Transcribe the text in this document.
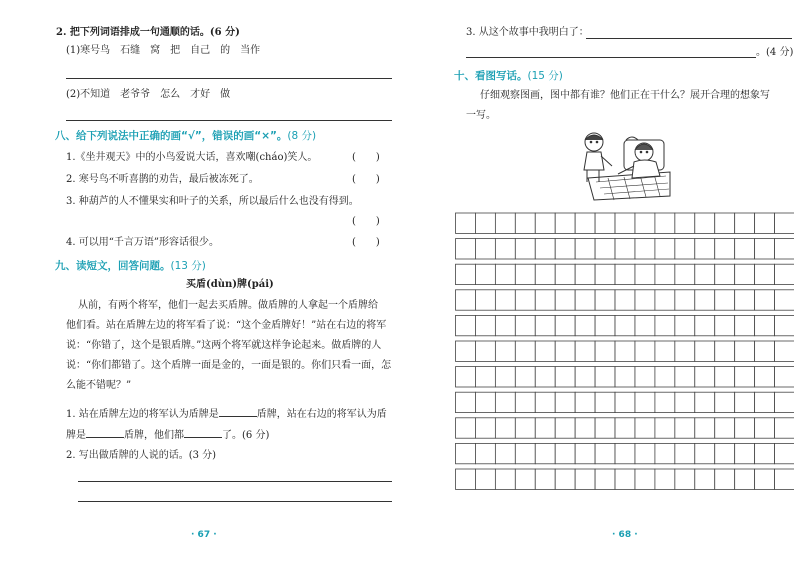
2. 把下列词语排成一句通顺的话。(6 分)
(1)寒号鸟　石缝　窝　把　自己　的　当作
(2)不知道　老爷爷　怎么　才好　做
八、给下列说法中正确的画“√”，错误的画“×”。(8 分)
1.《坐井观天》中的小鸟爱说大话，喜欢嘲(cháo)笑人。	(　　)
2. 寒号鸟不听喜鹊的劝告，最后被冻死了。	(　　)
3. 种葫芦的人不懂果实和叶子的关系，所以最后什么也没有得到。
(　　)
4. 可以用“千言万语”形容话很少。	(　　)
九、读短文，回答问题。(13 分)
买盾(dùn)牌(pái)
从前，有两个将军，他们一起去买盾牌。做盾牌的人拿起一个盾牌给
他们看。站在盾牌左边的将军看了说：“这个金盾牌好！”站在右边的将军
说：“你错了，这个是银盾牌。”这两个将军就这样争论起来。做盾牌的人
说：“你们都错了。这个盾牌一面是金的，一面是银的。你们只看一面，怎
么能不错呢？”
1. 站在盾牌左边的将军认为盾牌是	盾牌，站在右边的将军认为盾
牌是	盾牌，他们都	了。(6 分)
2. 写出做盾牌的人说的话。(3 分)
· 67 ·
3. 从这个故事中我明白了：
。(4 分)
十、看图写话。(15 分)
仔细观察图画，图中都有谁？他们正在干什么？展开合理的想象写
一写。
· 68 ·
